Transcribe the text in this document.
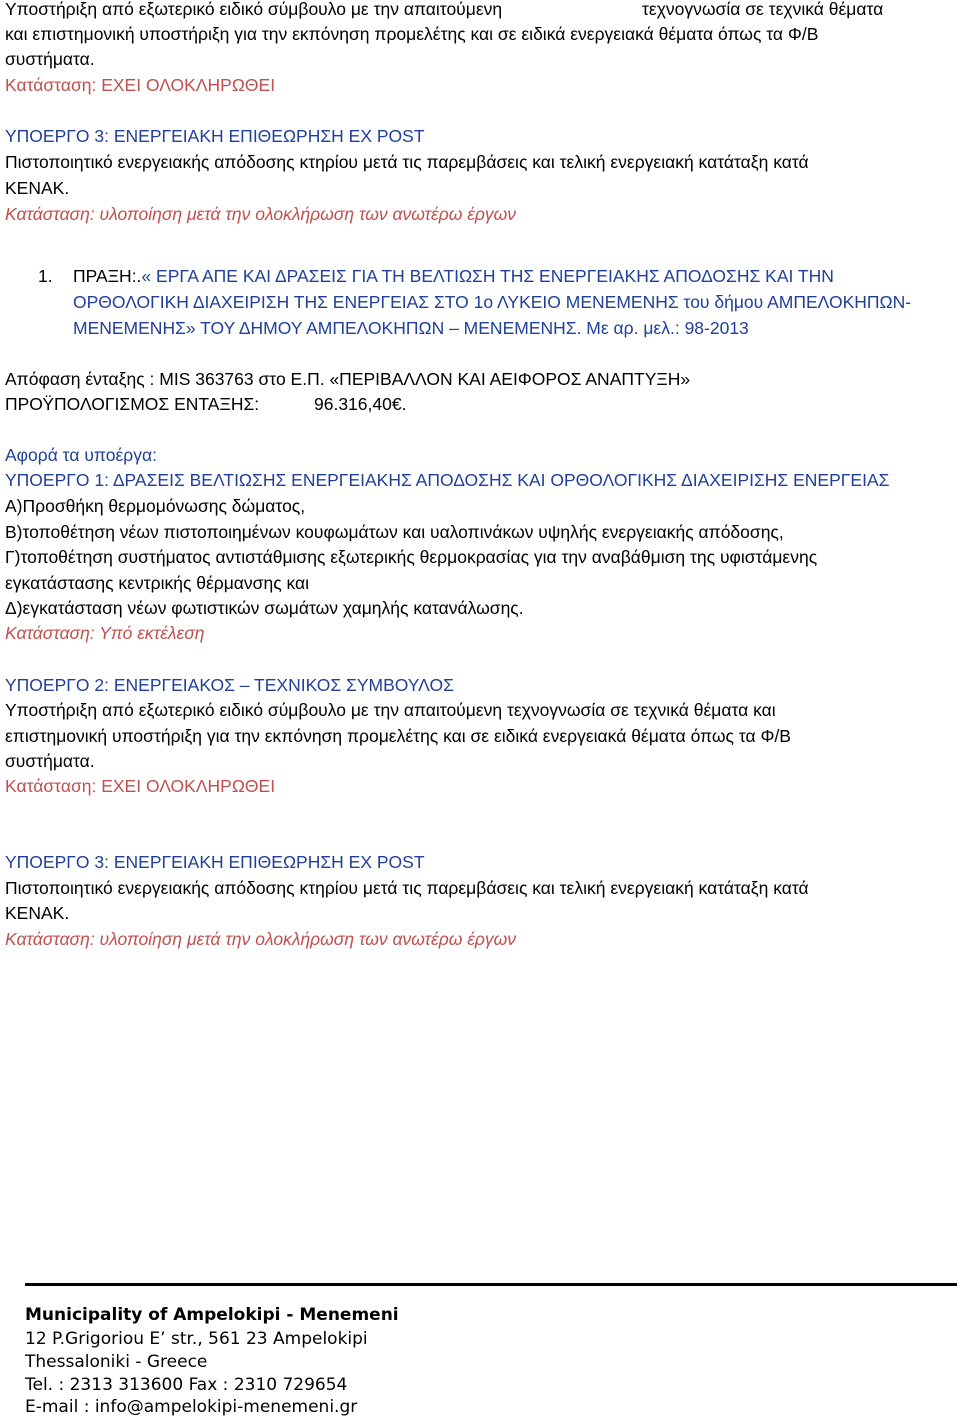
Υποστήριξη από εξωτερικό ειδικό σύμβουλο με την απαιτούμενη	τεχνογνωσία σε τεχνικά θέματα
και επιστημονική υποστήριξη για την εκπόνηση προμελέτης και σε ειδικά ενεργειακά θέματα όπως τα Φ/Β
συστήματα.
Κατάσταση: ΕΧΕΙ ΟΛΟΚΛΗΡΩΘΕΙ
ΥΠΟΕΡΓΟ 3: ΕΝΕΡΓΕΙΑΚΗ ΕΠΙΘΕΩΡΗΣΗ EX POST
Πιστοποιητικό ενεργειακής απόδοσης κτηρίου μετά τις παρεμβάσεις και τελική ενεργειακή κατάταξη κατά
ΚΕΝΑΚ.
Κατάσταση: υλοποίηση μετά την ολοκλήρωση των ανωτέρω έργων
1. ΠΡΑΞΗ:.« ΕΡΓΑ ΑΠΕ ΚΑΙ ΔΡΑΣΕΙΣ ΓΙΑ ΤΗ ΒΕΛΤΙΩΣΗ ΤΗΣ ΕΝΕΡΓΕΙΑΚΗΣ ΑΠΟΔΟΣΗΣ ΚΑΙ ΤΗΝ
ΟΡΘΟΛΟΓΙΚΗ ΔΙΑΧΕΙΡΙΣΗ ΤΗΣ ΕΝΕΡΓΕΙΑΣ ΣΤΟ 1ο ΛΥΚΕΙΟ ΜΕΝΕΜΕΝΗΣ του δήμου ΑΜΠΕΛΟΚΗΠΩΝ-
ΜΕΝΕΜΕΝΗΣ» ΤΟΥ ΔΗΜΟΥ ΑΜΠΕΛΟΚΗΠΩΝ – ΜΕΝΕΜΕΝΗΣ. Με αρ. μελ.: 98-2013
Απόφαση ένταξης : MIS 363763 στο Ε.Π. «ΠΕΡΙΒΑΛΛΟΝ ΚΑΙ ΑΕΙΦΟΡΟΣ ΑΝΑΠΤΥΞΗ»
ΠΡΟΫΠΟΛΟΓΙΣΜΟΣ ΕΝΤΑΞΗΣ:	96.316,40€.
Αφορά τα υποέργα:
ΥΠΟΕΡΓΟ 1: ΔΡΑΣΕΙΣ ΒΕΛΤΙΩΣΗΣ ΕΝΕΡΓΕΙΑΚΗΣ ΑΠΟΔΟΣΗΣ ΚΑΙ ΟΡΘΟΛΟΓΙΚΗΣ ΔΙΑΧΕΙΡΙΣΗΣ ΕΝΕΡΓΕΙΑΣ
Α)Προσθήκη θερμομόνωσης δώματος,
Β)τοποθέτηση νέων πιστοποιημένων κουφωμάτων και υαλοπινάκων υψηλής ενεργειακής απόδοσης,
Γ)τοποθέτηση συστήματος αντιστάθμισης εξωτερικής θερμοκρασίας για την αναβάθμιση της υφιστάμενης
εγκατάστασης κεντρικής θέρμανσης και
Δ)εγκατάσταση νέων φωτιστικών σωμάτων χαμηλής κατανάλωσης.
Κατάσταση: Υπό εκτέλεση
ΥΠΟΕΡΓΟ 2: ΕΝΕΡΓΕΙΑΚΟΣ – ΤΕΧΝΙΚΟΣ ΣΥΜΒΟΥΛΟΣ
Υποστήριξη από εξωτερικό ειδικό σύμβουλο με την απαιτούμενη τεχνογνωσία σε τεχνικά θέματα και
επιστημονική υποστήριξη για την εκπόνηση προμελέτης και σε ειδικά ενεργειακά θέματα όπως τα Φ/Β
συστήματα.
Κατάσταση: ΕΧΕΙ ΟΛΟΚΛΗΡΩΘΕΙ
ΥΠΟΕΡΓΟ 3: ΕΝΕΡΓΕΙΑΚΗ ΕΠΙΘΕΩΡΗΣΗ EX POST
Πιστοποιητικό ενεργειακής απόδοσης κτηρίου μετά τις παρεμβάσεις και τελική ενεργειακή κατάταξη κατά
ΚΕΝΑΚ.
Κατάσταση: υλοποίηση μετά την ολοκλήρωση των ανωτέρω έργων
Municipality of Ampelokipi - Menemeni
12 P.Grigoriou E’ str., 561 23 Ampelokipi
Thessaloniki - Greece
Tel. : 2313 313600 Fax : 2310 729654
E-mail : info@ampelokipi-menemeni.gr
